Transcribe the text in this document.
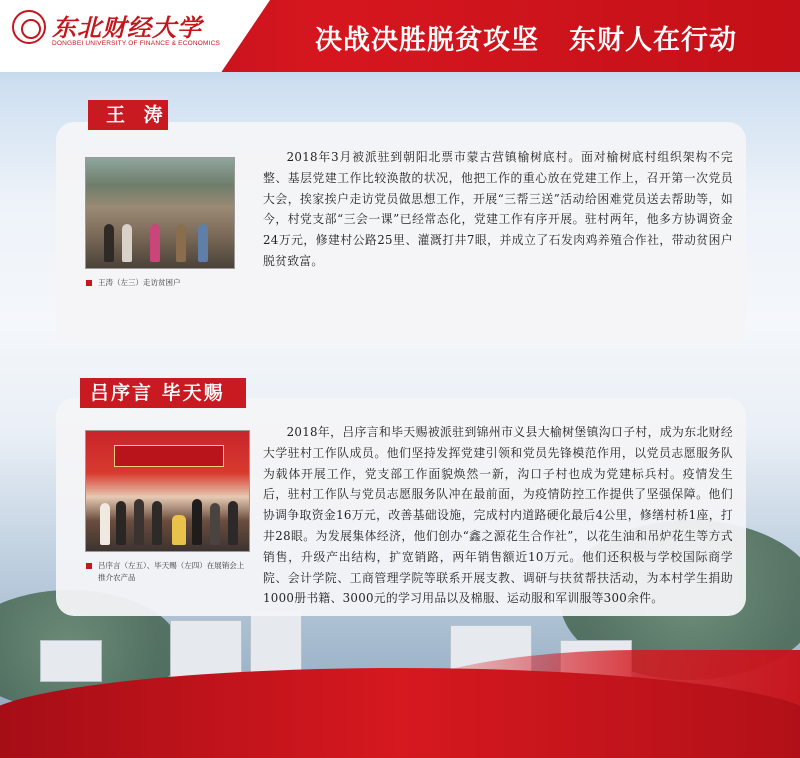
东北财经大学
DONGBEI UNIVERSITY OF FINANCE & ECONOMICS	决战决胜脱贫攻坚 东财人在行动
王 涛
王涛（左三）走访贫困户
2018年3月被派驻到朝阳北票市蒙古营镇榆树底村。面对榆树底村组织架构不完整、基层党建工作比较涣散的状况，他把工作的重心放在党建工作上，召开第一次党员大会，挨家挨户走访党员做思想工作，开展“三帮三送”活动给困难党员送去帮助等，如今，村党支部“三会一课”已经常态化，党建工作有序开展。驻村两年，他多方协调资金24万元，修建村公路25里、灌溉打井7眼，并成立了石发肉鸡养殖合作社，带动贫困户脱贫致富。
吕序言 毕天赐
吕序言（左五）、毕天赐（左四）在展销会上推介农产品
2018年，吕序言和毕天赐被派驻到锦州市义县大榆树堡镇沟口子村，成为东北财经大学驻村工作队成员。他们坚持发挥党建引领和党员先锋模范作用，以党员志愿服务队为载体开展工作，党支部工作面貌焕然一新，沟口子村也成为党建标兵村。疫情发生后，驻村工作队与党员志愿服务队冲在最前面，为疫情防控工作提供了坚强保障。他们协调争取资金16万元，改善基础设施，完成村内道路硬化最后4公里，修缮村桥1座，打井28眼。为发展集体经济，他们创办“鑫之源花生合作社”，以花生油和吊炉花生等方式销售，升级产出结构，扩宽销路，两年销售额近10万元。他们还积极与学校国际商学院、会计学院、工商管理学院等联系开展支教、调研与扶贫帮扶活动，为本村学生捐助1000册书籍、3000元的学习用品以及棉服、运动服和军训服等300余件。
